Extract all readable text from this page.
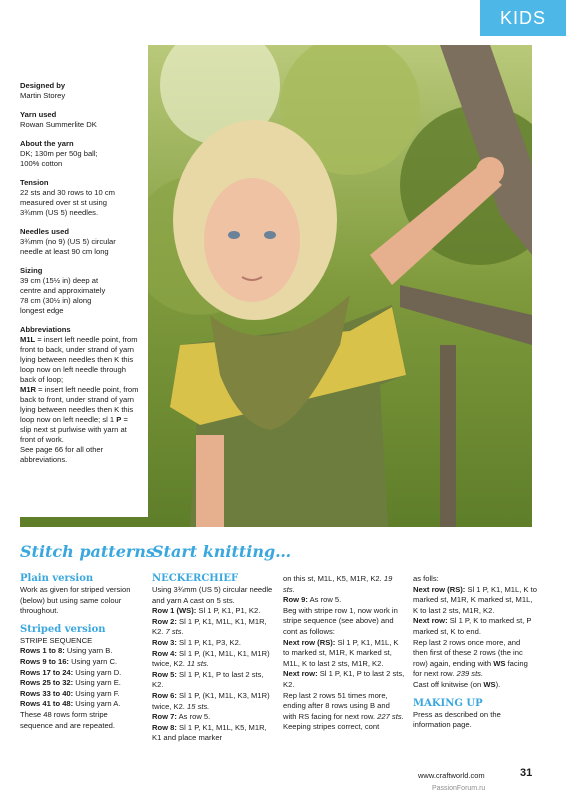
KIDS
Designed by
Martin Storey
Yarn used
Rowan Summerlite DK
About the yarn
DK; 130m per 50g ball;
100% cotton
Tension
22 sts and 30 rows to 10 cm
measured over st st using
3¾mm (US 5) needles.
Needles used
3¾mm (no 9) (US 5) circular
needle at least 90 cm long
Sizing
39 cm (15½ in) deep at
centre and approximately
78 cm (30½ in) along
longest edge
Abbreviations
M1L = insert left needle point, from front to back, under strand of yarn lying between needles then K this loop now on left needle through back of loop;
M1R = insert left needle point, from back to front, under strand of yarn lying between needles then K this loop now on left needle; sl 1 P = slip next st purlwise with yarn at front of work.
See page 66 for all other abbreviations.
Stitch patterns
Start knitting…

Plain version

Work as given for striped version (below) but using same colour throughout.

Striped version

STRIPE SEQUENCE

Rows 1 to 8: Using yarn B.

Rows 9 to 16: Using yarn C.

Rows 17 to 24: Using yarn D.

Rows 25 to 32: Using yarn E.

Rows 33 to 40: Using yarn F.

Rows 41 to 48: Using yarn A.

These 48 rows form stripe sequence and are repeated.

NECKERCHIEF

Using 3¾mm (US 5) circular needle and yarn A cast on 5 sts.

Row 1 (WS): Sl 1 P, K1, P1, K2.

Row 2: Sl 1 P, K1, M1L, K1, M1R, K2. 7 sts.

Row 3: Sl 1 P, K1, P3, K2.

Row 4: Sl 1 P, (K1, M1L, K1, M1R) twice, K2. 11 sts.

Row 5: Sl 1 P, K1, P to last 2 sts, K2.

Row 6: Sl 1 P, (K1, M1L, K3, M1R) twice, K2. 15 sts.

Row 7: As row 5.

Row 8: Sl 1 P, K1, M1L, K5, M1R, K1 and place marker

on this st, M1L, K5, M1R, K2. 19 sts.

Row 9: As row 5.

Beg with stripe row 1, now work in stripe sequence (see above) and cont as follows:

Next row (RS): Sl 1 P, K1, M1L, K to marked st, M1R, K marked st, M1L, K to last 2 sts, M1R, K2.

Next row: Sl 1 P, K1, P to last 2 sts, K2.

Rep last 2 rows 51 times more, ending after 8 rows using B and with RS facing for next row. 227 sts.

Keeping stripes correct, cont

as folls:

Next row (RS): Sl 1 P, K1, M1L, K to marked st, M1R, K marked st, M1L, K to last 2 sts, M1R, K2.

Next row: Sl 1 P, K to marked st, P marked st, K to end.

Rep last 2 rows once more, and then first of these 2 rows (the inc row) again, ending with WS facing for next row. 239 sts.

Cast off knitwise (on WS).

MAKING UP

Press as described on the information page.

www.craftworld.com	31
PassionForum.ru
